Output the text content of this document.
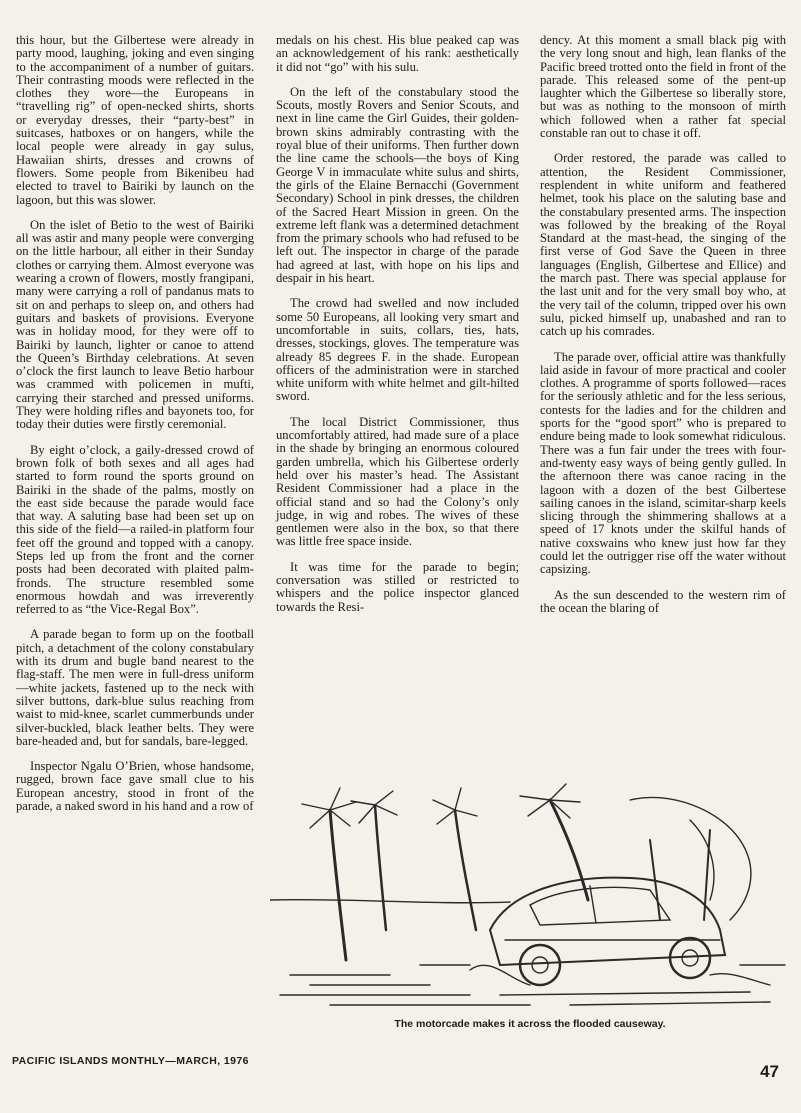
this hour, but the Gilbertese were already in party mood, laughing, joking and even singing to the accompaniment of a number of guitars. Their contrasting moods were reflected in the clothes they wore—the Europeans in “travelling rig” of open-necked shirts, shorts or everyday dresses, their “party-best” in suitcases, hatboxes or on hangers, while the local people were already in gay sulus, Hawaiian shirts, dresses and crowns of flowers. Some people from Bikenibeu had elected to travel to Bairiki by launch on the lagoon, but this was slower.

On the islet of Betio to the west of Bairiki all was astir and many people were converging on the little harbour, all either in their Sunday clothes or carrying them. Almost everyone was wearing a crown of flowers, mostly frangipani, many were carrying a roll of pandanus mats to sit on and perhaps to sleep on, and others had guitars and baskets of provisions. Everyone was in holiday mood, for they were off to Bairiki by launch, lighter or canoe to attend the Queen’s Birthday celebrations. At seven o’clock the first launch to leave Betio harbour was crammed with policemen in mufti, carrying their starched and pressed uniforms. They were holding rifles and bayonets too, for today their duties were firstly ceremonial.

By eight o’clock, a gaily-dressed crowd of brown folk of both sexes and all ages had started to form round the sports ground on Bairiki in the shade of the palms, mostly on the east side because the parade would face that way. A saluting base had been set up on this side of the field—a railed-in platform four feet off the ground and topped with a canopy. Steps led up from the front and the corner posts had been decorated with plaited palm-fronds. The structure resembled some enormous howdah and was irreverently referred to as “the Vice-Regal Box”.

A parade began to form up on the football pitch, a detachment of the colony constabulary with its drum and bugle band nearest to the flag-staff. The men were in full-dress uniform—white jackets, fastened up to the neck with silver buttons, dark-blue sulus reaching from waist to mid-knee, scarlet cummerbunds under silver-buckled, black leather belts. They were bare-headed and, but for sandals, bare-legged.

Inspector Ngalu O’Brien, whose handsome, rugged, brown face gave small clue to his European ancestry, stood in front of the parade, a naked sword in his hand and a row of

medals on his chest. His blue peaked cap was an acknowledgement of his rank: aesthetically it did not “go” with his sulu.

On the left of the constabulary stood the Scouts, mostly Rovers and Senior Scouts, and next in line came the Girl Guides, their golden-brown skins admirably contrasting with the royal blue of their uniforms. Then further down the line came the schools—the boys of King George V in immaculate white sulus and shirts, the girls of the Elaine Bernacchi (Government Secondary) School in pink dresses, the children of the Sacred Heart Mission in green. On the extreme left flank was a determined detachment from the primary schools who had refused to be left out. The inspector in charge of the parade had agreed at last, with hope on his lips and despair in his heart.

The crowd had swelled and now included some 50 Europeans, all looking very smart and uncomfortable in suits, collars, ties, hats, dresses, stockings, gloves. The temperature was already 85 degrees F. in the shade. European officers of the administration were in starched white uniform with white helmet and gilt-hilted sword.

The local District Commissioner, thus uncomfortably attired, had made sure of a place in the shade by bringing an enormous coloured garden umbrella, which his Gilbertese orderly held over his master’s head. The Assistant Resident Commissioner had a place in the official stand and so had the Colony’s only judge, in wig and robes. The wives of these gentlemen were also in the box, so that there was little free space inside.

It was time for the parade to begin; conversation was stilled or restricted to whispers and the police inspector glanced towards the Resi-

dency. At this moment a small black pig with the very long snout and high, lean flanks of the Pacific breed trotted onto the field in front of the parade. This released some of the pent-up laughter which the Gilbertese so liberally store, but was as nothing to the monsoon of mirth which followed when a rather fat special constable ran out to chase it off.

Order restored, the parade was called to attention, the Resident Commissioner, resplendent in white uniform and feathered helmet, took his place on the saluting base and the constabulary presented arms. The inspection was followed by the breaking of the Royal Standard at the mast-head, the singing of the first verse of God Save the Queen in three languages (English, Gilbertese and Ellice) and the march past. There was special applause for the last unit and for the very small boy who, at the very tail of the column, tripped over his own sulu, picked himself up, unabashed and ran to catch up his comrades.

The parade over, official attire was thankfully laid aside in favour of more practical and cooler clothes. A programme of sports followed—races for the seriously athletic and for the less serious, contests for the ladies and for the children and sports for the “good sport” who is prepared to endure being made to look somewhat ridiculous. There was a fun fair under the trees with four-and-twenty easy ways of being gently gulled. In the afternoon there was canoe racing in the lagoon with a dozen of the best Gilbertese sailing canoes in the island, scimitar-sharp keels slicing through the shimmering shallows at a speed of 17 knots under the skilful hands of native coxswains who knew just how far they could let the outrigger rise off the water without capsizing.

As the sun descended to the western rim of the ocean the blaring of

The motorcade makes it across the flooded causeway.
PACIFIC ISLANDS MONTHLY—MARCH, 1976
47
